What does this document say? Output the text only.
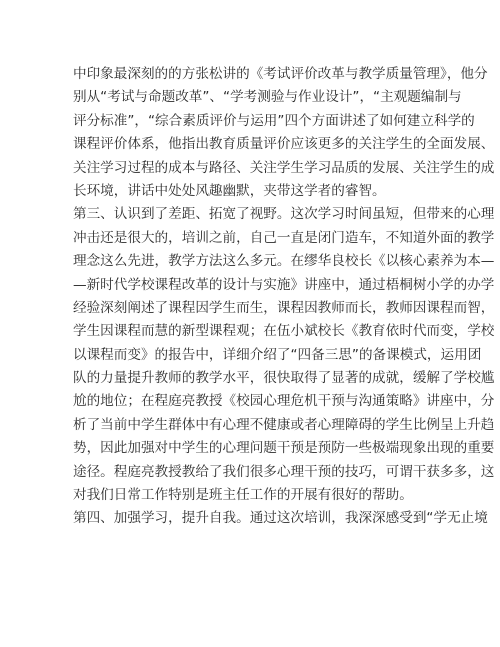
中印象最深刻的的方张松讲的《考试评价改革与教学质量管理》，他分
别从“考试与命题改革”、“学考测验与作业设计”，“主观题编制与
评分标准”，“综合素质评价与运用”四个方面讲述了如何建立科学的
课程评价体系，他指出教育质量评价应该更多的关注学生的全面发展、
关注学习过程的成本与路径、关注学生学习品质的发展、关注学生的成
长环境，讲话中处处风趣幽默，夹带这学者的睿智。
第三、认识到了差距、拓宽了视野。这次学习时间虽短，但带来的心理
冲击还是很大的，培训之前，自己一直是闭门造车，不知道外面的教学
理念这么先进，教学方法这么多元。在缪华良校长《以核心素养为本—
—新时代学校课程改革的设计与实施》讲座中，通过梧桐树小学的办学
经验深刻阐述了课程因学生而生，课程因教师而长，教师因课程而智，
学生因课程而慧的新型课程观；在伍小斌校长《教育依时代而变，学校
以课程而变》的报告中，详细介绍了“四备三思”的备课模式，运用团
队的力量提升教师的教学水平，很快取得了显著的成就，缓解了学校尴
尬的地位；在程庭亮教授《校园心理危机干预与沟通策略》讲座中，分
析了当前中学生群体中有心理不健康或者心理障碍的学生比例呈上升趋
势，因此加强对中学生的心理问题干预是预防一些极端现象出现的重要
途径。程庭亮教授教给了我们很多心理干预的技巧，可谓干获多多，这
对我们日常工作特别是班主任工作的开展有很好的帮助。
第四、加强学习，提升自我。通过这次培训，我深深感受到“学无止境
